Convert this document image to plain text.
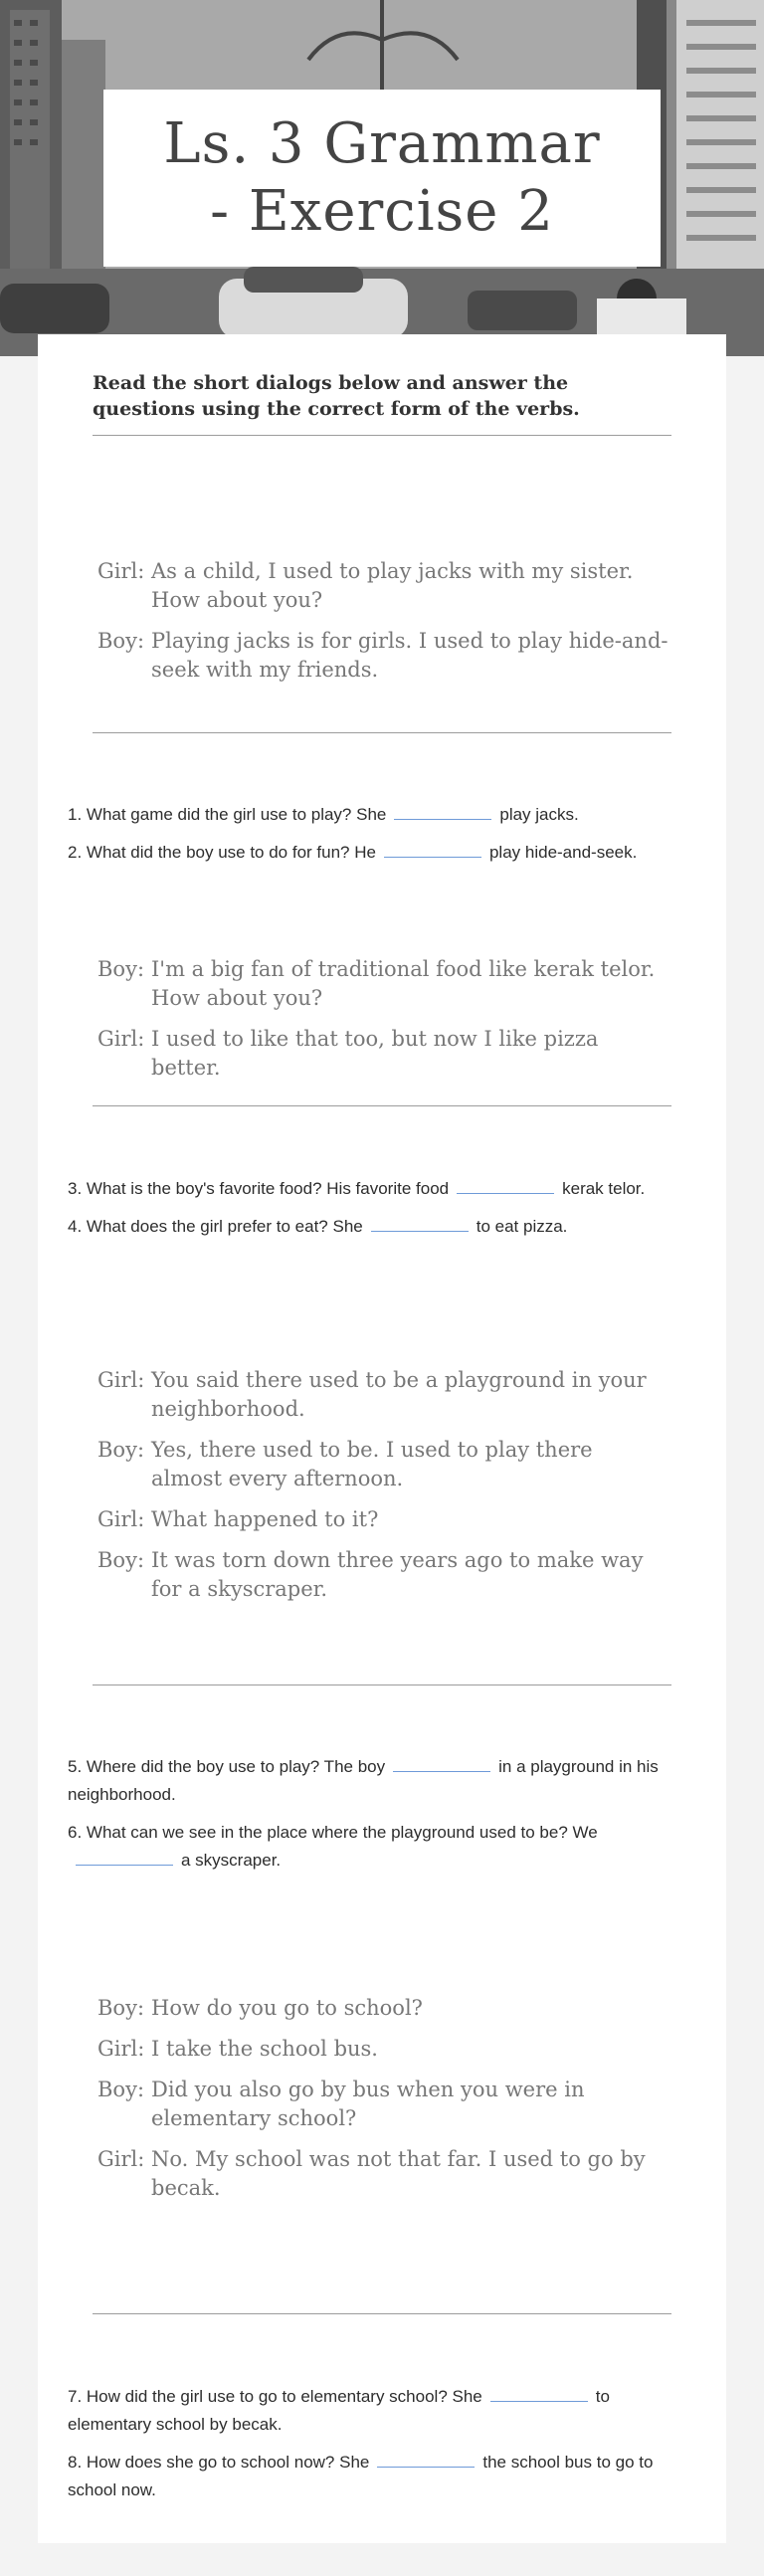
Ls. 3 Grammar - Exercise 2
Read the short dialogs below and answer the questions using the correct form of the verbs.
Girl: As a child, I used to play jacks with my sister. How about you?
Boy: Playing jacks is for girls. I used to play hide-and-seek with my friends.
1. What game did the girl use to play? She	play jacks.
2. What did the boy use to do for fun? He	play hide-and-seek.
Boy: I'm a big fan of traditional food like kerak telor. How about you?
Girl: I used to like that too, but now I like pizza better.
3. What is the boy's favorite food? His favorite food	kerak telor.
4. What does the girl prefer to eat? She	to eat pizza.
Girl: You said there used to be a playground in your neighborhood.
Boy: Yes, there used to be. I used to play there almost every afternoon.
Girl: What happened to it?
Boy: It was torn down three years ago to make way for a skyscraper.
5. Where did the boy use to play? The boy	in a playground in his neighborhood.
6. What can we see in the place where the playground used to be? Wea skyscraper.
Boy: How do you go to school?
Girl: I take the school bus.
Boy: Did you also go by bus when you were in elementary school?
Girl: No. My school was not that far. I used to go by becak.
7. How did the girl use to go to elementary school? She	to elementary school by becak.
8. How does she go to school now? She	the school bus to go to school now.
